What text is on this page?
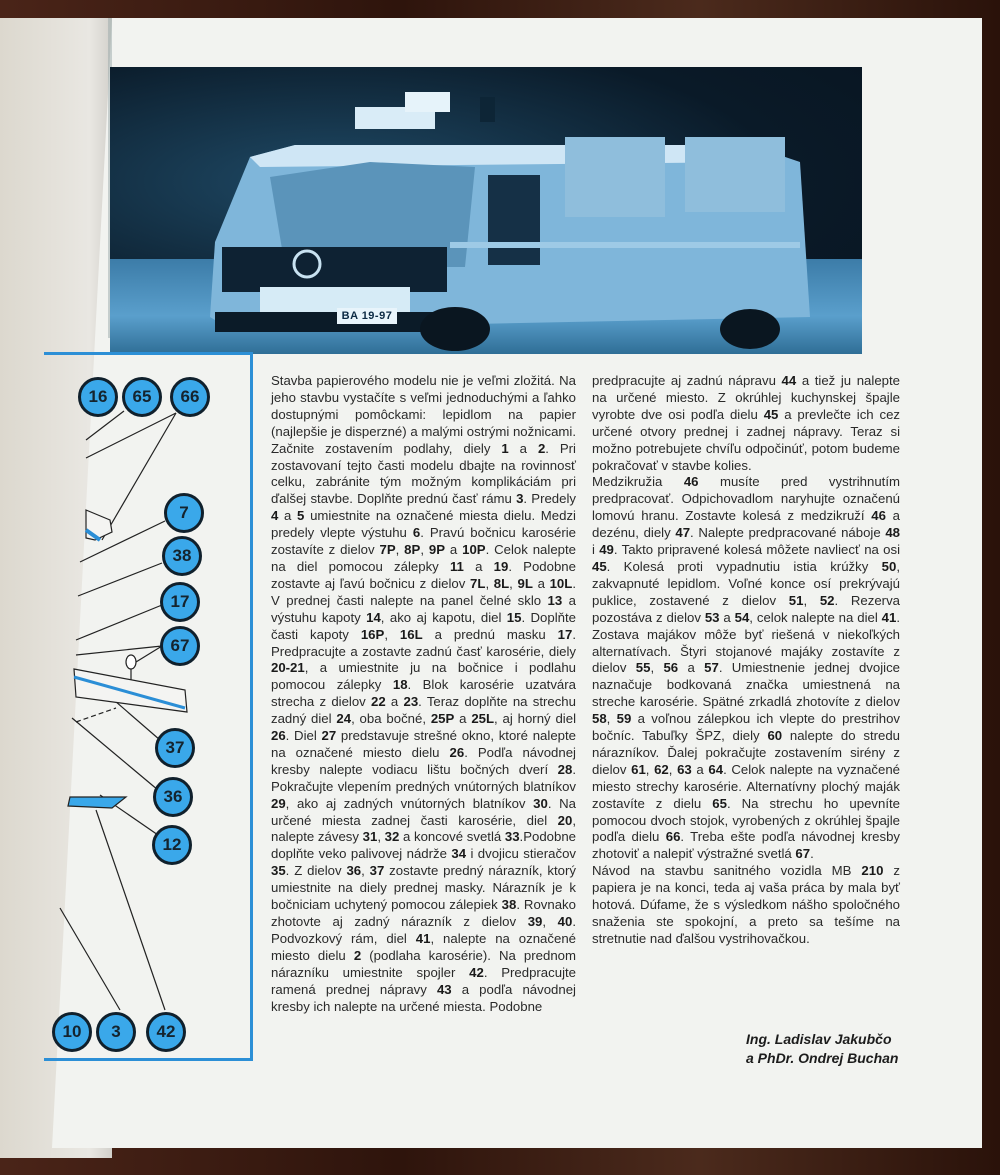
BA 19-97
16	65	66
7
38
17
67
37
36
12
10	3	42

Stavba papierového modelu nie je veľmi zložitá. Na jeho stavbu vystačíte s veľmi jednoduchými a ľahko dostupnými pomôckami: lepidlom na papier (najlepšie je disperzné) a malými ostrými nožnicami. Začnite zostavením podlahy, diely 1 a 2. Pri zostavovaní tejto časti modelu dbajte na rovinnosť celku, zabránite tým možným komplikáciám pri ďalšej stavbe. Doplňte prednú časť rámu 3. Predely 4 a 5 umiestnite na označené miesta dielu. Medzi predely vlepte výstuhu 6. Pravú bočnicu karosérie zostavíte z dielov 7P, 8P, 9P a 10P. Celok nalepte na diel pomocou zálepky 11 a 19. Podobne zostavte aj ľavú bočnicu z dielov 7L, 8L, 9L a 10L. V prednej časti nalepte na panel čelné sklo 13 a výstuhu kapoty 14, ako aj kapotu, diel 15. Doplňte časti kapoty 16P, 16L a prednú masku 17. Predpracujte a zostavte zadnú časť karosérie, diely 20-21, a umiestnite ju na bočnice i podlahu pomocou zálepky 18. Blok karosérie uzatvára strecha z dielov 22 a 23. Teraz doplňte na strechu zadný diel 24, oba bočné, 25P a 25L, aj horný diel 26. Diel 27 predstavuje strešné okno, ktoré nalepte na označené miesto dielu 26. Podľa návodnej kresby nalepte vodiacu lištu bočných dverí 28. Pokračujte vlepením predných vnútorných blatníkov 29, ako aj zadných vnútorných blatníkov 30. Na určené miesta zadnej časti karosérie, diel 20, nalepte závesy 31, 32 a koncové svetlá 33.Podobne doplňte veko palivovej nádrže 34 i dvojicu stieračov 35. Z dielov 36, 37 zostavte predný nárazník, ktorý umiestnite na diely prednej masky. Nárazník je k bočniciam uchytený pomocou zálepiek 38. Rovnako zhotovte aj zadný nárazník z dielov 39, 40. Podvozkový rám, diel 41, nalepte na označené miesto dielu 2 (podlaha karosérie). Na prednom nárazníku umiestnite spojler 42. Predpracujte ramená prednej nápravy 43 a podľa návodnej kresby ich nalepte na určené miesta. Podobne

predpracujte aj zadnú nápravu 44 a tiež ju nalepte na určené miesto. Z okrúhlej kuchynskej špajle vyrobte dve osi podľa dielu 45 a prevlečte ich cez určené otvory prednej i zadnej nápravy. Teraz si možno potrebujete chvíľu odpočinúť, potom budeme pokračovať v stavbe kolies.

Medzikružia 46 musíte pred vystrihnutím predpracovať. Odpichovadlom naryhujte označenú lomovú hranu. Zostavte kolesá z medzikruží 46 a dezénu, diely 47. Nalepte predpracované náboje 48 i 49. Takto pripravené kolesá môžete navliecť na osi 45. Kolesá proti vypadnutiu istia krúžky 50, zakvapnuté lepidlom. Voľné konce osí prekrývajú puklice, zostavené z dielov 51, 52. Rezerva pozostáva z dielov 53 a 54, celok nalepte na diel 41. Zostava majákov môže byť riešená v niekoľkých alternatívach. Štyri stojanové majáky zostavíte z dielov 55, 56 a 57. Umiestnenie jednej dvojice naznačuje bodkovaná značka umiestnená na streche karosérie. Spätné zrkadlá zhotovíte z dielov 58, 59 a voľnou zálepkou ich vlepte do prestrihov bočníc. Tabuľky ŠPZ, diely 60 nalepte do stredu nárazníkov. Ďalej pokračujte zostavením sirény z dielov 61, 62, 63 a 64. Celok nalepte na vyznačené miesto strechy karosérie. Alternatívny plochý maják zostavíte z dielu 65. Na strechu ho upevníte pomocou dvoch stojok, vyrobených z okrúhlej špajle podľa dielu 66. Treba ešte podľa návodnej kresby zhotoviť a nalepiť výstražné svetlá 67.

Návod na stavbu sanitného vozidla MB 210 z papiera je na konci, teda aj vaša práca by mala byť hotová. Dúfame, že s výsledkom nášho spoločného snaženia ste spokojní, a preto sa tešíme na stretnutie nad ďalšou vystrihovačkou.

Ing. Ladislav Jakubčo
a PhDr. Ondrej Buchan
